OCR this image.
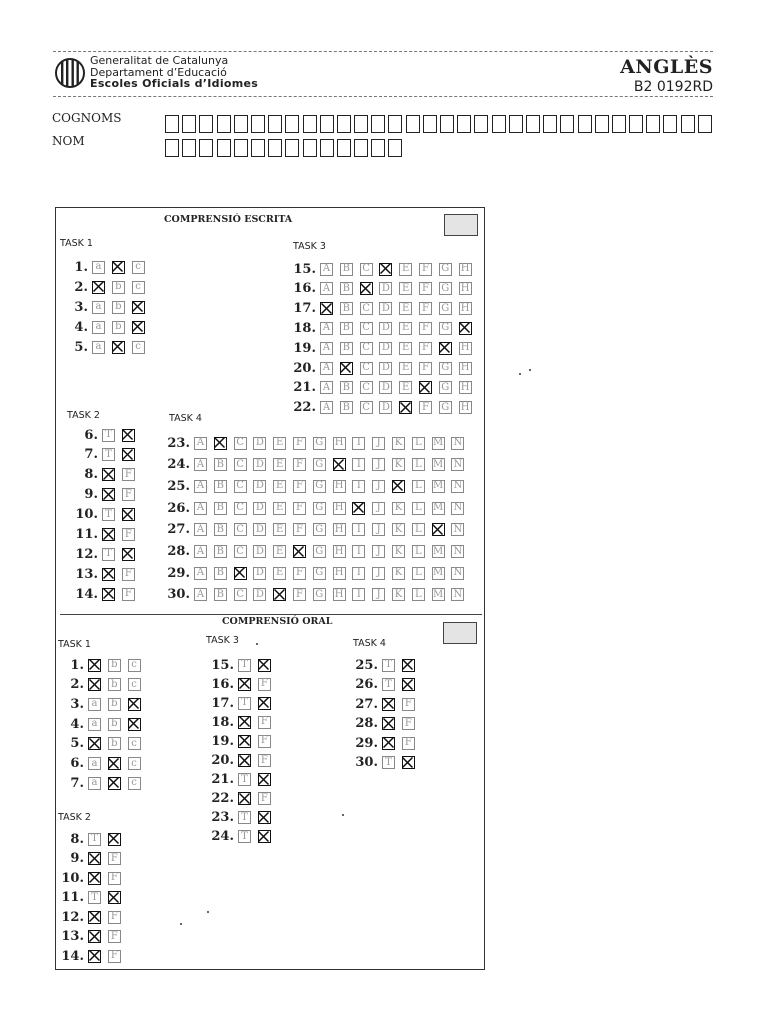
Generalitat de Catalunya
Departament d’Educació
Escoles Oficials d’Idiomes
ANGLÈS
B2 0192RD
COGNOMS
NOM
COMPRENSIÓ ESCRITA
COMPRENSIÓ ORAL
TASK 1
1. a	c
2.	b	c
3. a	b
4. a	b
5. a	c
TASK 2
6. T
7. T
8.	F
9.	F
10. T
11.	F
12. T
13.	F
14.	F
TASK 3
15. A B C	E	F	G H
16. A B	D E	F	G H
17.	B C D E	F	G H
18. A B C D E	F	G
19. A B C D E	F	H
20. A	C D E	F	G H
21. A B C D E	G H
22. A B C D	F	G H
TASK 4
23. A	C D E	F	G H	I	J	K	L	M N
24. A B C D E	F	G	I	J	K	L	M N
25. A B C D E	F	G H	I	J	L	M N
26. A B C D E	F	G H	J	K	L	M N
27. A B C D E	F	G H	I	J	K	L	N
28. A B C D E	G H	I	J	K	L	M N
29. A B	D E	F	G H	I	J	K	L	M N
30. A B C D	F	G H	I	J	K	L	M N
TASK 1
1.	b	c
2.	b	c
3. a	b
4. a	b
5.	b	c
6. a	c
7. a	c
TASK 2
8. T
9.	F
10.	F
11. T
12.	F
13.	F
14.	F
TASK 3
15. T
16.	F
17. T
18.	F
19.	F
20.	F
21. T
22.	F
23. T
24. T
TASK 4
25. T
26. T
27.	F
28.	F
29.	F
30. T
